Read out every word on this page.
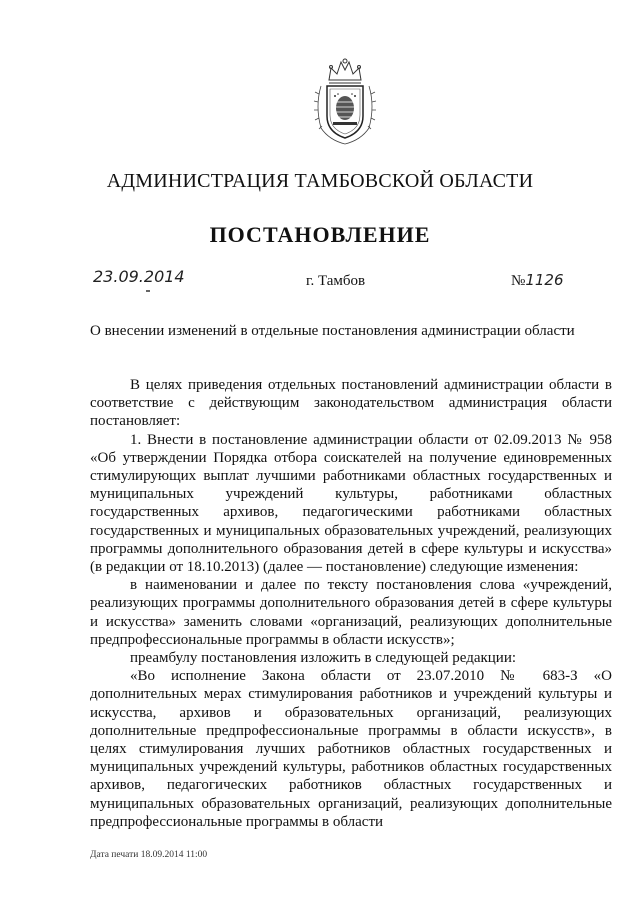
АДМИНИСТРАЦИЯ ТАМБОВСКОЙ ОБЛАСТИ
ПОСТАНОВЛЕНИЕ
23.09.2014	г. Тамбов	№1126
О внесении изменений в отдельные постановления администрации области

В целях приведения отдельных постановлений администрации области в соответствие с действующим законодательством администрация области постановляет:

1. Внести в постановление администрации области от 02.09.2013 № 958 «Об утверждении Порядка отбора соискателей на получение единовременных стимулирующих выплат лучшими работниками областных государственных и муниципальных учреждений культуры, работниками областных государственных архивов, педагогическими работниками областных государственных и муниципальных образовательных учреждений, реализующих программы дополнительного образования детей в сфере культуры и искусства» (в редакции от 18.10.2013) (далее — постановление) следующие изменения:

в наименовании и далее по тексту постановления слова «учреждений, реализующих программы дополнительного образования детей в сфере культуры и искусства» заменить словами «организаций, реализующих дополнительные предпрофессиональные программы в области искусств»;

преамбулу постановления изложить в следующей редакции:

«Во исполнение Закона области от 23.07.2010 № 683-З «О дополнительных мерах стимулирования работников и учреждений культуры и искусства, архивов и образовательных организаций, реализующих дополнительные предпрофессиональные программы в области искусств», в целях стимулирования лучших работников областных государственных и муниципальных учреждений культуры, работников областных государственных архивов, педагогических работников областных государственных и муниципальных образовательных организаций, реализующих дополнительные предпрофессиональные программы в области

Дата печати 18.09.2014 11:00
